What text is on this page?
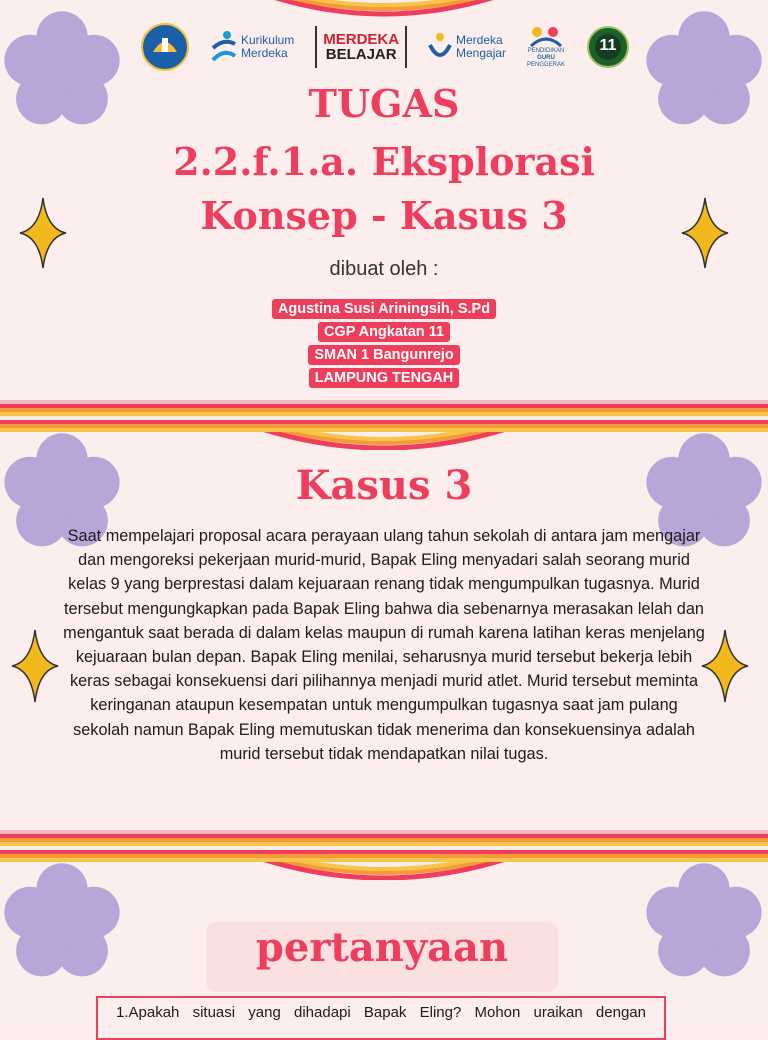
Kurikulum
Merdeka
MERDEKA
BELAJAR
Merdeka
Mengajar	PENDIDIKAN
GURU
PENGGERAK
11
TUGAS
2.2.f.1.a. Eksplorasi
Konsep - Kasus 3
dibuat oleh :
Agustina Susi Ariningsih, S.Pd
CGP Angkatan 11
SMAN 1 Bangunrejo
LAMPUNG TENGAH
Kasus 3
Saat mempelajari proposal acara perayaan ulang tahun sekolah di antara jam mengajar dan mengoreksi pekerjaan murid-murid, Bapak Eling menyadari salah seorang murid kelas 9 yang berprestasi dalam kejuaraan renang tidak mengumpulkan tugasnya. Murid tersebut mengungkapkan pada Bapak Eling bahwa dia sebenarnya merasakan lelah dan mengantuk saat berada di dalam kelas maupun di rumah karena latihan keras menjelang kejuaraan bulan depan. Bapak Eling menilai, seharusnya murid tersebut bekerja lebih keras sebagai konsekuensi dari pilihannya menjadi murid atlet. Murid tersebut meminta keringanan ataupun kesempatan untuk mengumpulkan tugasnya saat jam pulang sekolah namun Bapak Eling memutuskan tidak menerima dan konsekuensinya adalah murid tersebut tidak mendapatkan nilai tugas.
pertanyaan
1.Apakah situasi yang dihadapi Bapak Eling? Mohon uraikan dengan
